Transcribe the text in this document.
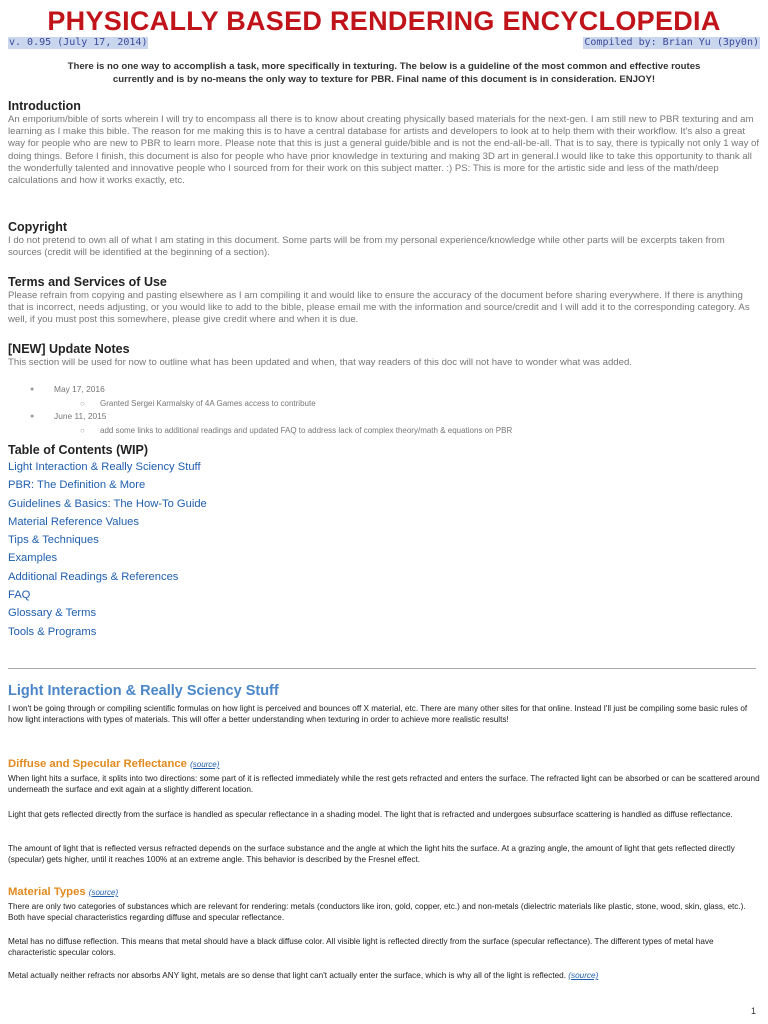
PHYSICALLY BASED RENDERING ENCYCLOPEDIA
v. 0.95 (July 17, 2014)	Compiled by: Brian Yu (3py0n)
There is no one way to accomplish a task, more specifically in texturing. The below is a guideline of the most common and effective routes
currently and is by no-means the only way to texture for PBR. Final name of this document is in consideration. ENJOY!
Introduction

An emporium/bible of sorts wherein I will try to encompass all there is to know about creating physically based materials for the next-gen. I am still new to PBR texturing and am learning as I make this bible. The reason for me making this is to have a central database for artists and developers to look at to help them with their workflow. It's also a great way for people who are new to PBR to learn more. Please note that this is just a general guide/bible and is not the end-all-be-all. That is to say, there is typically not only 1 way of doing things. Before I finish, this document is also for people who have prior knowledge in texturing and making 3D art in general.I would like to take this opportunity to thank all the wonderfully talented and innovative people who I sourced from for their work on this subject matter. :) PS: This is more for the artistic side and less of the math/deep calculations and how it works exactly, etc.

Copyright

I do not pretend to own all of what I am stating in this document. Some parts will be from my personal experience/knowledge while other parts will be excerpts taken from sources (credit will be identified at the beginning of a section).

Terms and Services of Use

Please refrain from copying and pasting elsewhere as I am compiling it and would like to ensure the accuracy of the document before sharing everywhere. If there is anything that is incorrect, needs adjusting, or you would like to add to the bible, please email me with the information and source/credit and I will add it to the corresponding category. As well, if you must post this somewhere, please give credit where and when it is due.

[NEW] Update Notes

This section will be used for now to outline what has been updated and when, that way readers of this doc will not have to wonder what was added.

● May 17, 2016
○ Granted Sergei Karmalsky of 4A Games access to contribute
● June 11, 2015
○ add some links to additional readings and updated FAQ to address lack of complex theory/math & equations on PBR
Table of Contents (WIP)
Light Interaction & Really Sciency Stuff
PBR: The Definition & More
Guidelines & Basics: The How-To Guide
Material Reference Values
Tips & Techniques
Examples
Additional Readings & References
FAQ
Glossary & Terms
Tools & Programs
Light Interaction & Really Sciency Stuff

I won't be going through or compiling scientific formulas on how light is perceived and bounces off X material, etc. There are many other sites for that online. Instead I'll just be compiling some basic rules of how light interactions with types of materials. This will offer a better understanding when texturing in order to achieve more realistic results!

Diffuse and Specular Reflectance (source)

When light hits a surface, it splits into two directions: some part of it is reflected immediately while the rest gets refracted and enters the surface. The refracted light can be absorbed or can be scattered around underneath the surface and exit again at a slightly different location.

Light that gets reflected directly from the surface is handled as specular reflectance in a shading model. The light that is refracted and undergoes subsurface scattering is handled as diffuse reflectance.

The amount of light that is reflected versus refracted depends on the surface substance and the angle at which the light hits the surface. At a grazing angle, the amount of light that gets reflected directly (specular) gets higher, until it reaches 100% at an extreme angle. This behavior is described by the Fresnel effect.

Material Types (source)

There are only two categories of substances which are relevant for rendering: metals (conductors like iron, gold, copper, etc.) and non-metals (dielectric materials like plastic, stone, wood, skin, glass, etc.). Both have special characteristics regarding diffuse and specular reflectance.

Metal has no diffuse reflection. This means that metal should have a black diffuse color. All visible light is reflected directly from the surface (specular reflectance). The different types of metal have characteristic specular colors.

Metal actually neither refracts nor absorbs ANY light, metals are so dense that light can't actually enter the surface, which is why all of the light is reflected. (source)

1
